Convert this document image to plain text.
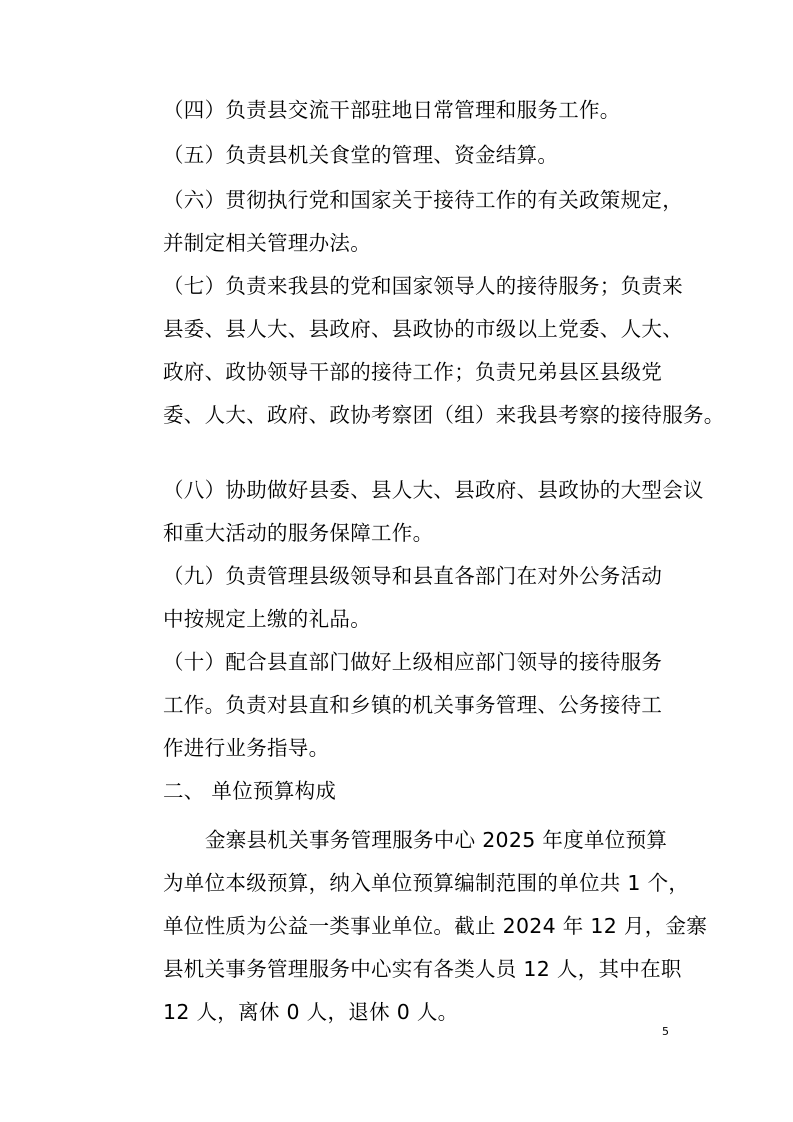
（四）负责县交流干部驻地日常管理和服务工作。
（五）负责县机关食堂的管理、资金结算。
（六）贯彻执行党和国家关于接待工作的有关政策规定，
并制定相关管理办法。
（七）负责来我县的党和国家领导人的接待服务；负责来
县委、县人大、县政府、县政协的市级以上党委、人大、
政府、政协领导干部的接待工作；负责兄弟县区县级党
委、人大、政府、政协考察团（组）来我县考察的接待服务。
（八）协助做好县委、县人大、县政府、县政协的大型会议
和重大活动的服务保障工作。
（九）负责管理县级领导和县直各部门在对外公务活动
中按规定上缴的礼品。
（十）配合县直部门做好上级相应部门领导的接待服务
工作。负责对县直和乡镇的机关事务管理、公务接待工
作进行业务指导。
二、 单位预算构成
金寨县机关事务管理服务中心 2025 年度单位预算
为单位本级预算，纳入单位预算编制范围的单位共 1 个，
单位性质为公益一类事业单位。截止 2024 年 12 月，金寨
县机关事务管理服务中心实有各类人员 12 人，其中在职
12 人，离休 0 人，退休 0 人。
5
